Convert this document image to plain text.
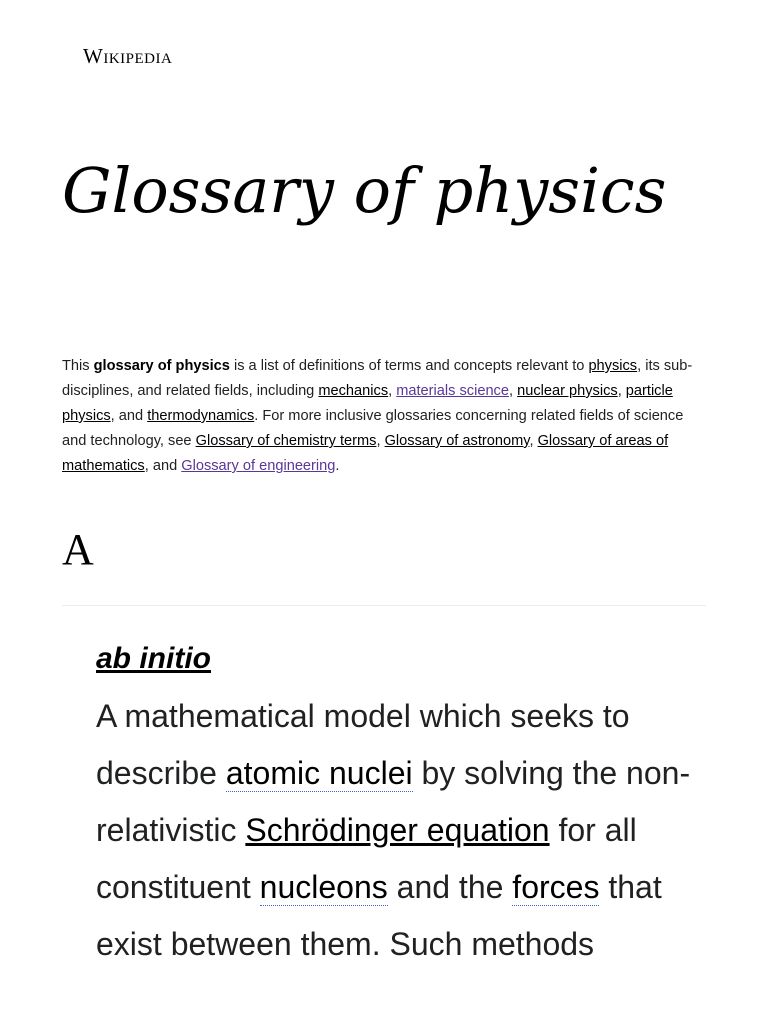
Wikipedia
Glossary of physics

This glossary of physics is a list of definitions of terms and concepts relevant to physics, its sub-disciplines, and related fields, including mechanics, materials science, nuclear physics, particle physics, and thermodynamics. For more inclusive glossaries concerning related fields of science and technology, see Glossary of chemistry terms, Glossary of astronomy, Glossary of areas of mathematics, and Glossary of engineering.

A
ab initio

A mathematical model which seeks to describe atomic nuclei by solving the non-relativistic Schrödinger equation for all constituent nucleons and the forces that exist between them. Such methods
